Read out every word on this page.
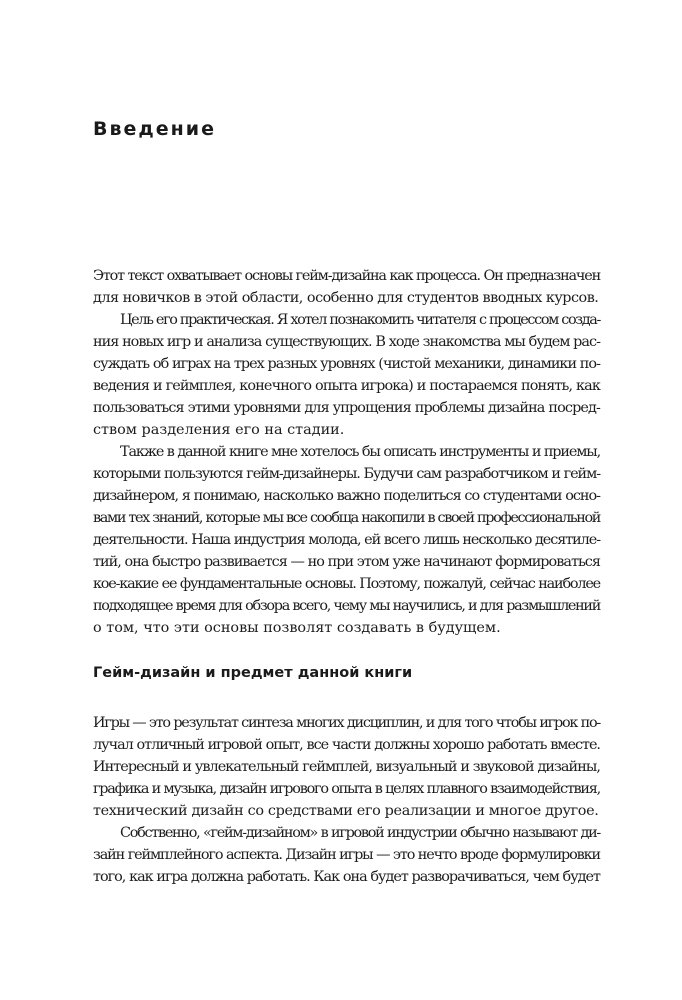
Введение
Этот текст охватывает основы гейм-дизайна как процесса. Он предназначен
для новичков в этой области, особенно для студентов вводных курсов.
Цель его практическая. Я хотел познакомить читателя с процессом созда-
ния новых игр и анализа существующих. В ходе знакомства мы будем рас-
суждать об играх на трех разных уровнях (чистой механики, динамики по-
ведения и геймплея, конечного опыта игрока) и постараемся понять, как
пользоваться этими уровнями для упрощения проблемы дизайна посред-
ством разделения его на стадии.
Также в данной книге мне хотелось бы описать инструменты и приемы,
которыми пользуются гейм-дизайнеры. Будучи сам разработчиком и гейм-
дизайнером, я понимаю, насколько важно поделиться со студентами осно-
вами тех знаний, которые мы все сообща накопили в своей профессиональной
деятельности. Наша индустрия молода, ей всего лишь несколько десятиле-
тий, она быстро развивается — но при этом уже начинают формироваться
кое-какие ее фундаментальные основы. Поэтому, пожалуй, сейчас наиболее
подходящее время для обзора всего, чему мы научились, и для размышлений
о том, что эти основы позволят создавать в будущем.
Гейм-дизайн и предмет данной книги
Игры — это результат синтеза многих дисциплин, и для того чтобы игрок по-
лучал отличный игровой опыт, все части должны хорошо работать вместе.
Интересный и увлекательный геймплей, визуальный и звуковой дизайны,
графика и музыка, дизайн игрового опыта в целях плавного взаимодействия,
технический дизайн со средствами его реализации и многое другое.
Собственно, «гейм-дизайном» в игровой индустрии обычно называют ди-
зайн геймплейного аспекта. Дизайн игры — это нечто вроде формулировки
того, как игра должна работать. Как она будет разворачиваться, чем будет
